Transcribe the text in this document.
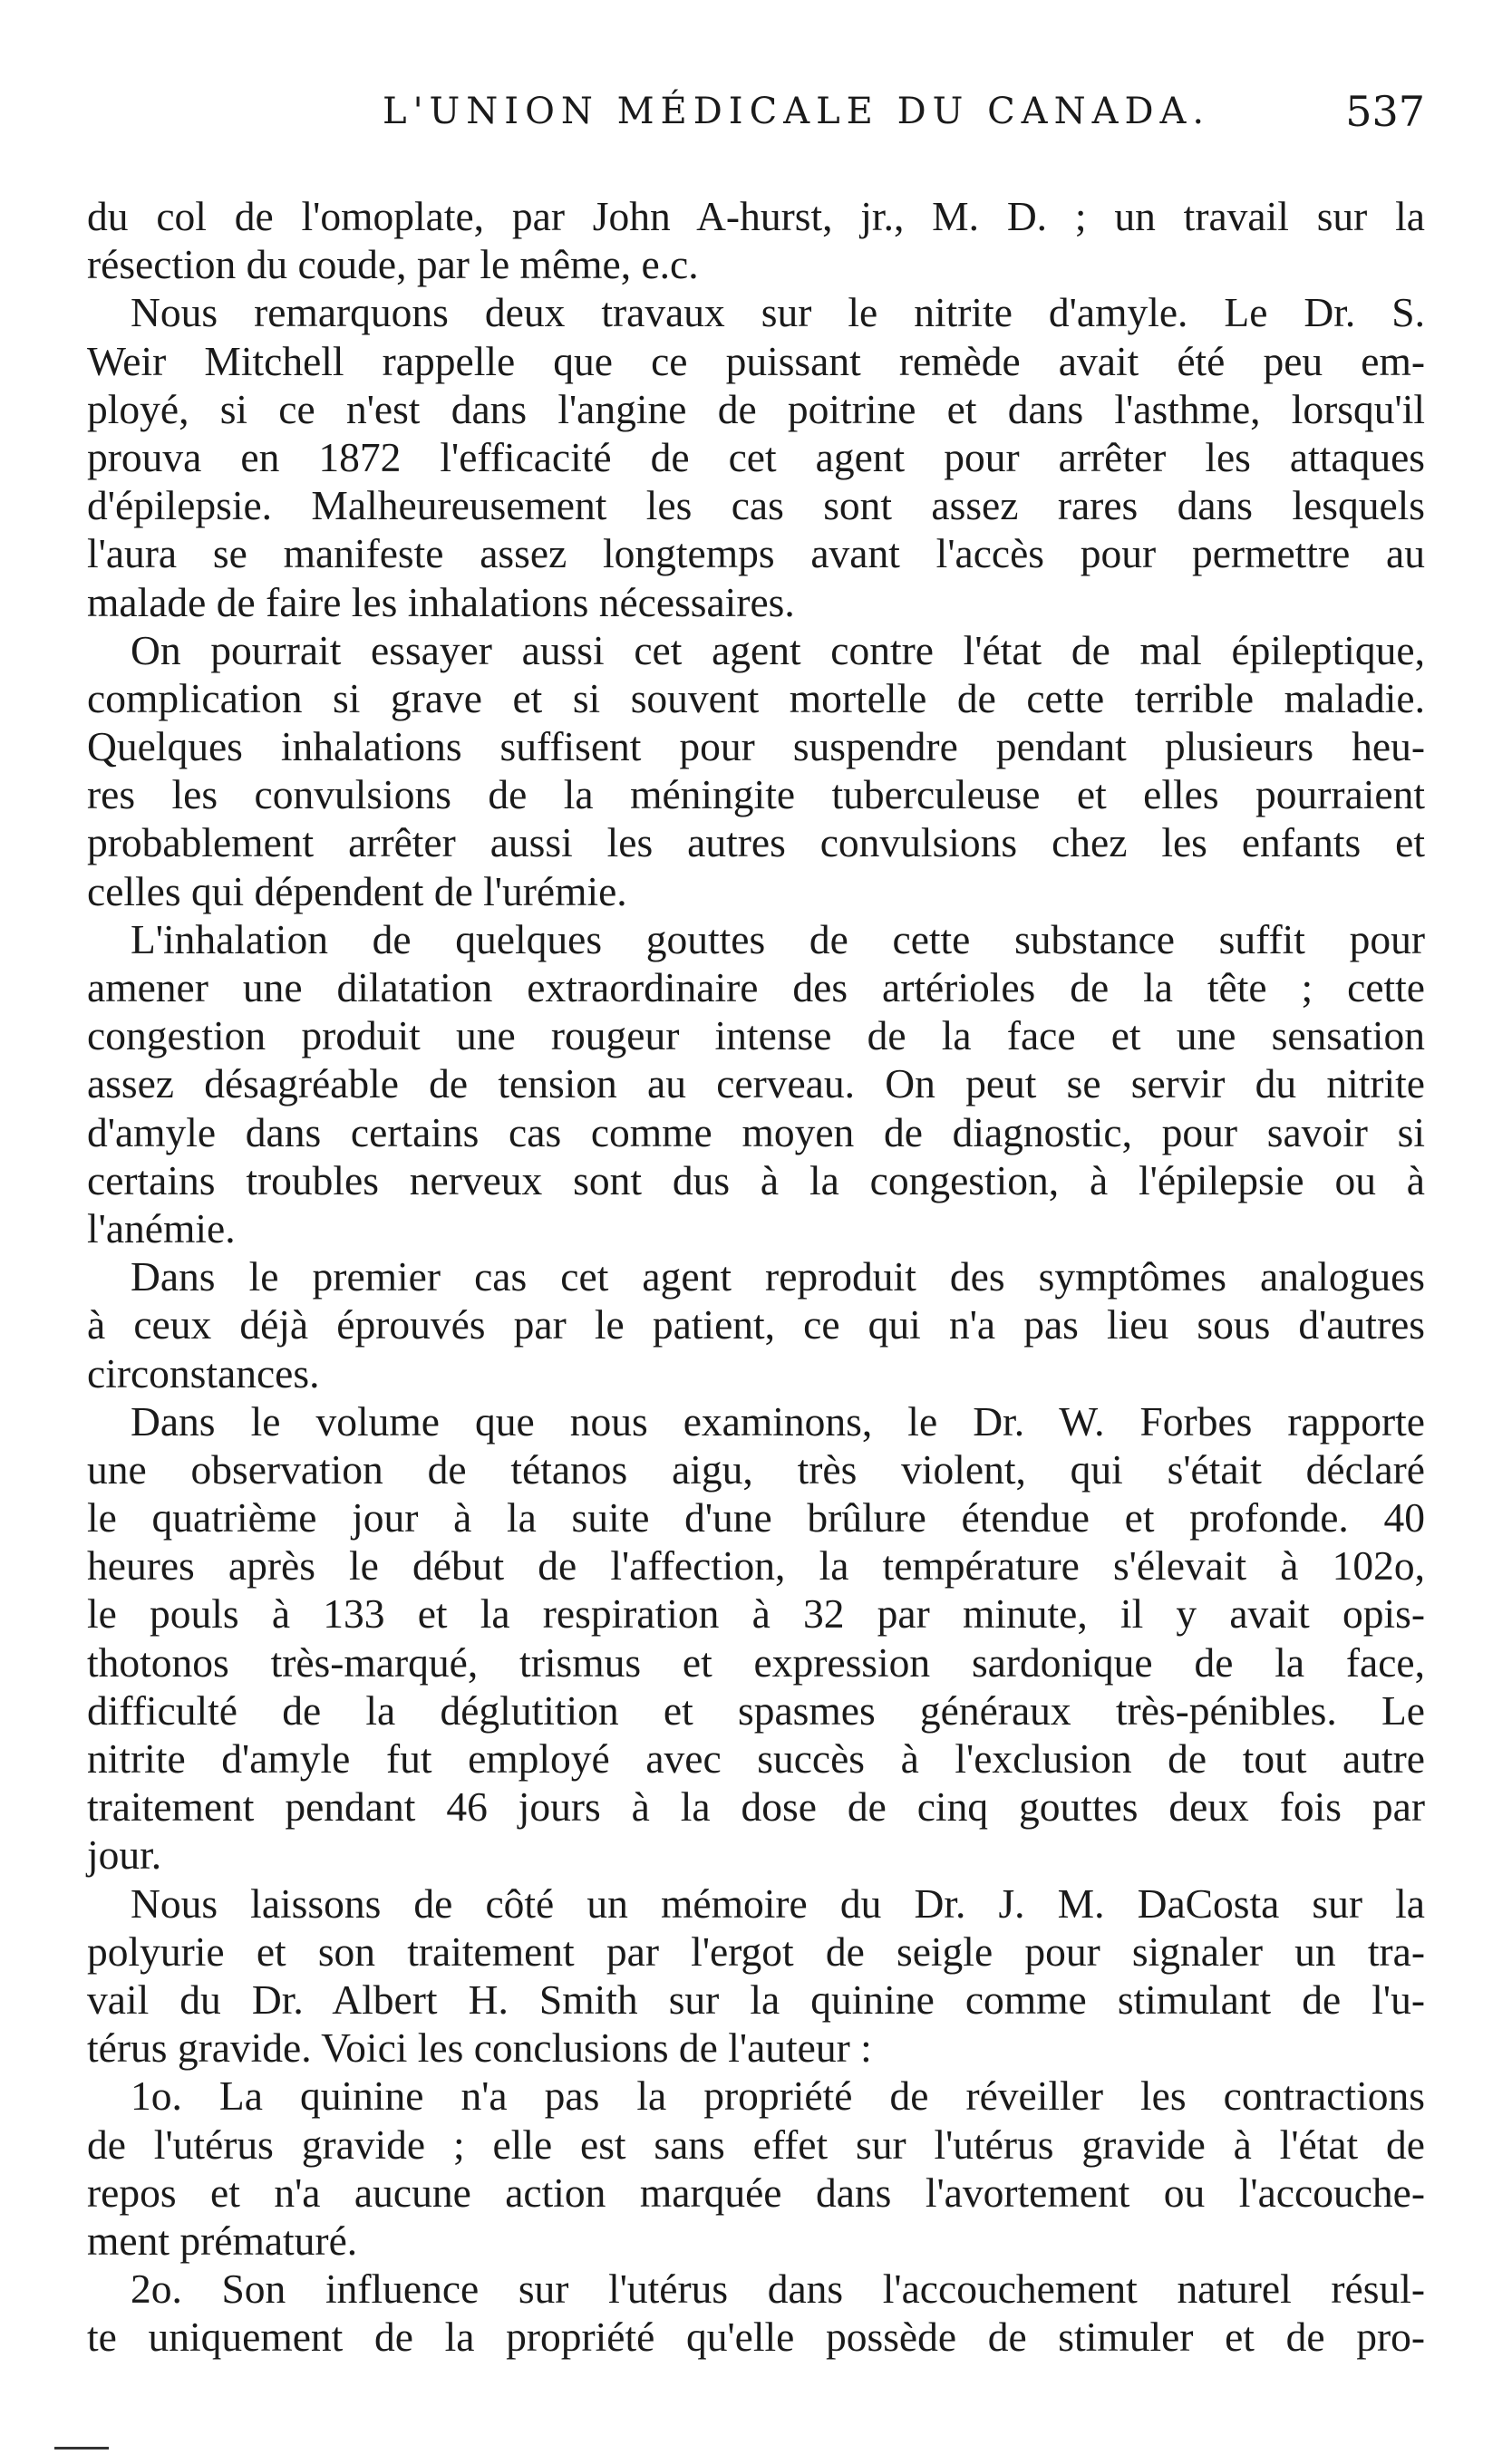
L'UNION MÉDICALE DU CANADA.	537
du col de l'omoplate, par John A-hurst, jr., M. D. ; un travail sur la
résection du coude, par le même, e.c.
Nous remarquons deux travaux sur le nitrite d'amyle. Le Dr. S.
Weir Mitchell rappelle que ce puissant remède avait été peu em-
ployé, si ce n'est dans l'angine de poitrine et dans l'asthme, lorsqu'il
prouva en 1872 l'efficacité de cet agent pour arrêter les attaques
d'épilepsie. Malheureusement les cas sont assez rares dans lesquels
l'aura se manifeste assez longtemps avant l'accès pour permettre au
malade de faire les inhalations nécessaires.
On pourrait essayer aussi cet agent contre l'état de mal épileptique,
complication si grave et si souvent mortelle de cette terrible maladie.
Quelques inhalations suffisent pour suspendre pendant plusieurs heu-
res les convulsions de la méningite tuberculeuse et elles pourraient
probablement arrêter aussi les autres convulsions chez les enfants et
celles qui dépendent de l'urémie.
L'inhalation de quelques gouttes de cette substance suffit pour
amener une dilatation extraordinaire des artérioles de la tête ; cette
congestion produit une rougeur intense de la face et une sensation
assez désagréable de tension au cerveau. On peut se servir du nitrite
d'amyle dans certains cas comme moyen de diagnostic, pour savoir si
certains troubles nerveux sont dus à la congestion, à l'épilepsie ou à
l'anémie.
Dans le premier cas cet agent reproduit des symptômes analogues
à ceux déjà éprouvés par le patient, ce qui n'a pas lieu sous d'autres
circonstances.
Dans le volume que nous examinons, le Dr. W. Forbes rapporte
une observation de tétanos aigu, très violent, qui s'était déclaré
le quatrième jour à la suite d'une brûlure étendue et profonde. 40
heures après le début de l'affection, la température s'élevait à 102o,
le pouls à 133 et la respiration à 32 par minute, il y avait opis-
thotonos très-marqué, trismus et expression sardonique de la face,
difficulté de la déglutition et spasmes généraux très-pénibles. Le
nitrite d'amyle fut employé avec succès à l'exclusion de tout autre
traitement pendant 46 jours à la dose de cinq gouttes deux fois par
jour.
Nous laissons de côté un mémoire du Dr. J. M. DaCosta sur la
polyurie et son traitement par l'ergot de seigle pour signaler un tra-
vail du Dr. Albert H. Smith sur la quinine comme stimulant de l'u-
térus gravide. Voici les conclusions de l'auteur :
1o. La quinine n'a pas la propriété de réveiller les contractions
de l'utérus gravide ; elle est sans effet sur l'utérus gravide à l'état de
repos et n'a aucune action marquée dans l'avortement ou l'accouche-
ment prématuré.
2o. Son influence sur l'utérus dans l'accouchement naturel résul-
te uniquement de la propriété qu'elle possède de stimuler et de pro-
